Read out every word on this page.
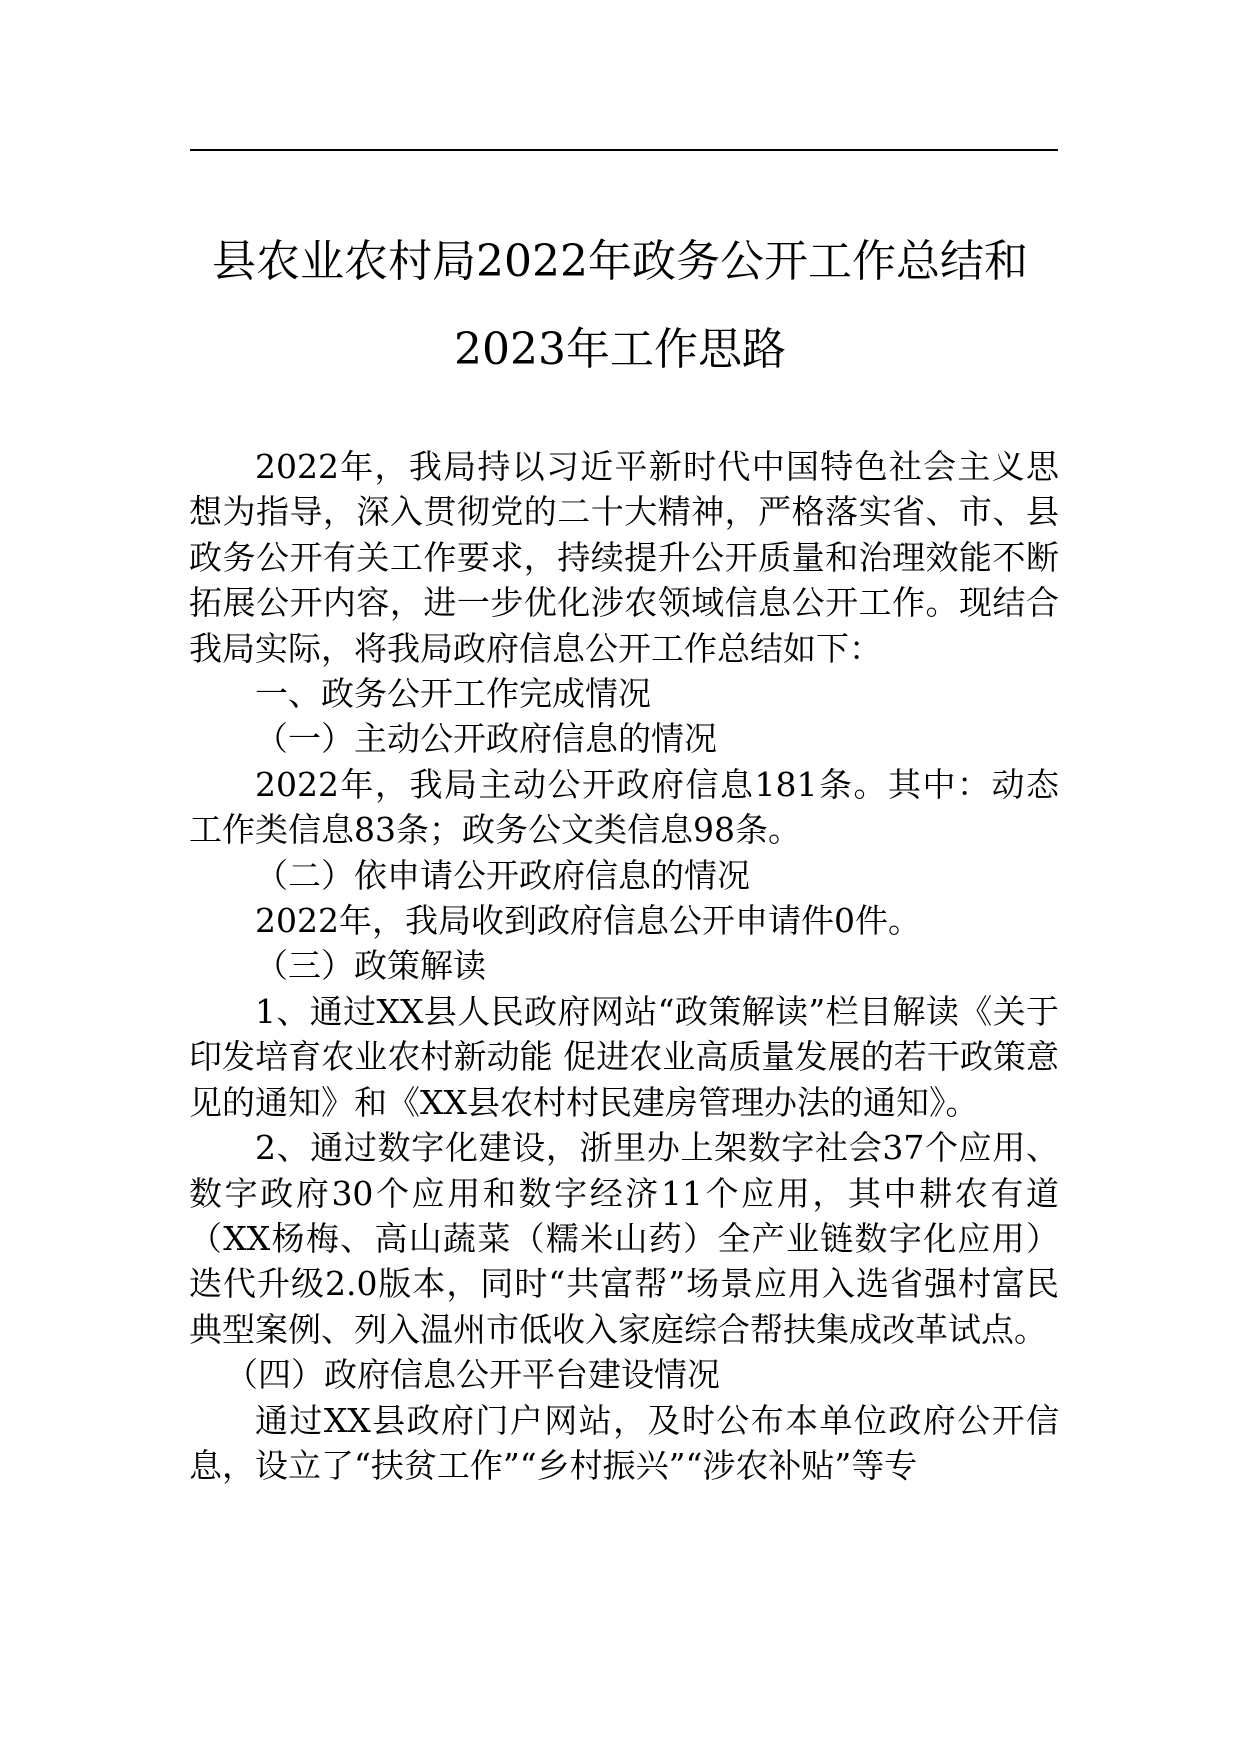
县农业农村局2022年政务公开工作总结和
2023年工作思路

2022年，我局持以习近平新时代中国特色社会主义思想为指导，深入贯彻党的二十大精神，严格落实省、市、县政务公开有关工作要求，持续提升公开质量和治理效能不断拓展公开内容，进一步优化涉农领域信息公开工作。现结合我局实际，将我局政府信息公开工作总结如下：

一、政务公开工作完成情况

（一）主动公开政府信息的情况

2022年，我局主动公开政府信息181条。其中：动态工作类信息83条；政务公文类信息98条。

（二）依申请公开政府信息的情况

2022年，我局收到政府信息公开申请件0件。

（三）政策解读

1、通过XX县人民政府网站“政策解读”栏目解读《关于印发培育农业农村新动能 促进农业高质量发展的若干政策意见的通知》和《XX县农村村民建房管理办法的通知》。

2、通过数字化建设，浙里办上架数字社会37个应用、数字政府30个应用和数字经济11个应用，其中耕农有道（XX杨梅、高山蔬菜（糯米山药）全产业链数字化应用）迭代升级2.0版本，同时“共富帮”场景应用入选省强村富民典型案例、列入温州市低收入家庭综合帮扶集成改革试点。

（四）政府信息公开平台建设情况

通过XX县政府门户网站，及时公布本单位政府公开信息，设立了“扶贫工作”“乡村振兴”“涉农补贴”等专
